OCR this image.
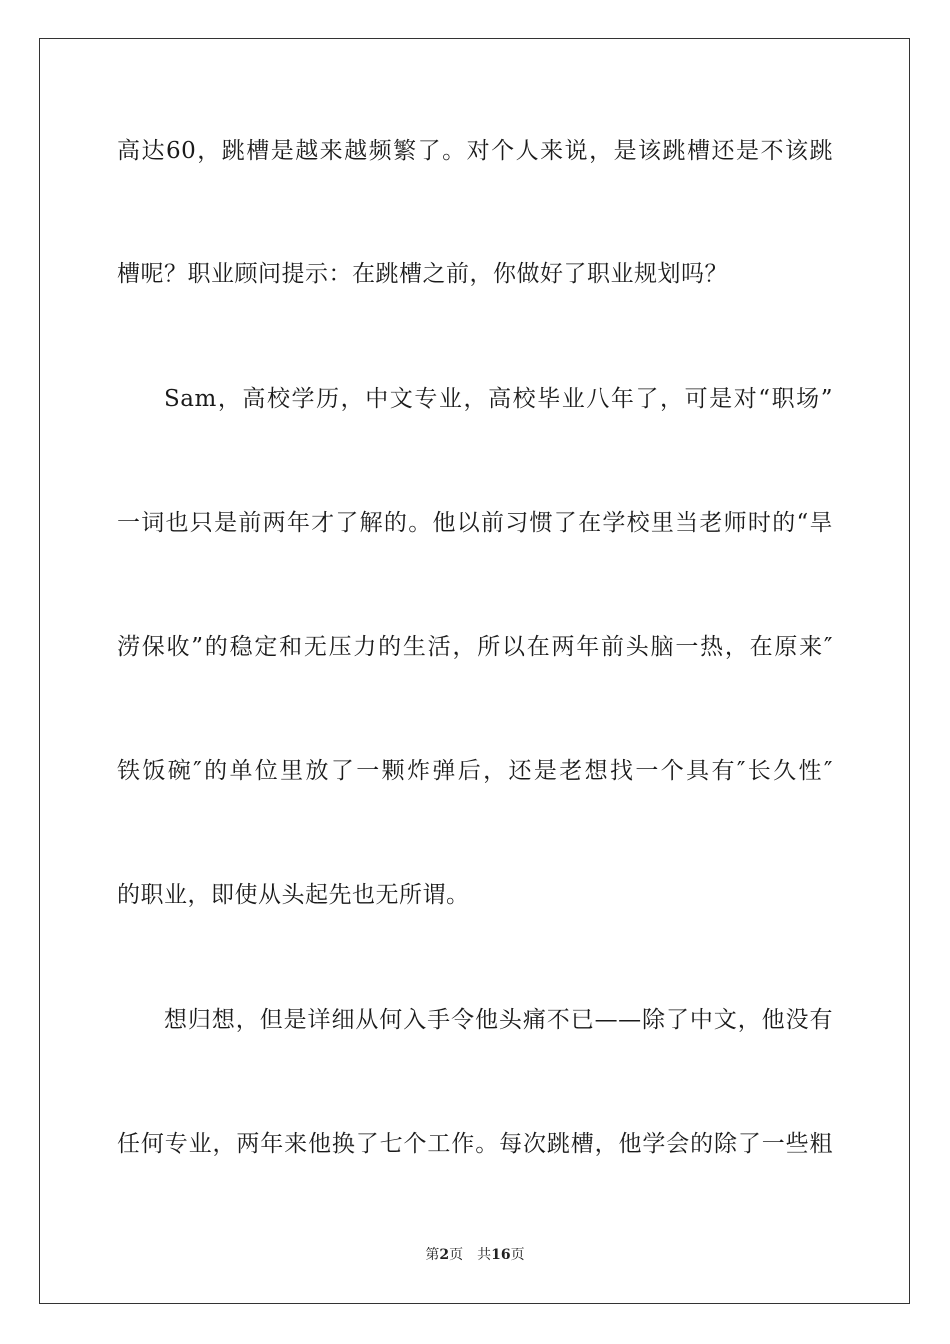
高达60，跳槽是越来越频繁了。对个人来说，是该跳槽还是不该跳
槽呢？职业顾问提示：在跳槽之前，你做好了职业规划吗？
Sam，高校学历，中文专业，高校毕业八年了，可是对“职场”
一词也只是前两年才了解的。他以前习惯了在学校里当老师时的“旱
涝保收”的稳定和无压力的生活，所以在两年前头脑一热，在原来″
铁饭碗″的单位里放了一颗炸弹后，还是老想找一个具有″长久性″
的职业，即使从头起先也无所谓。
想归想，但是详细从何入手令他头痛不已——除了中文，他没有
任何专业，两年来他换了七个工作。每次跳槽，他学会的除了一些粗
第2页 共16页
